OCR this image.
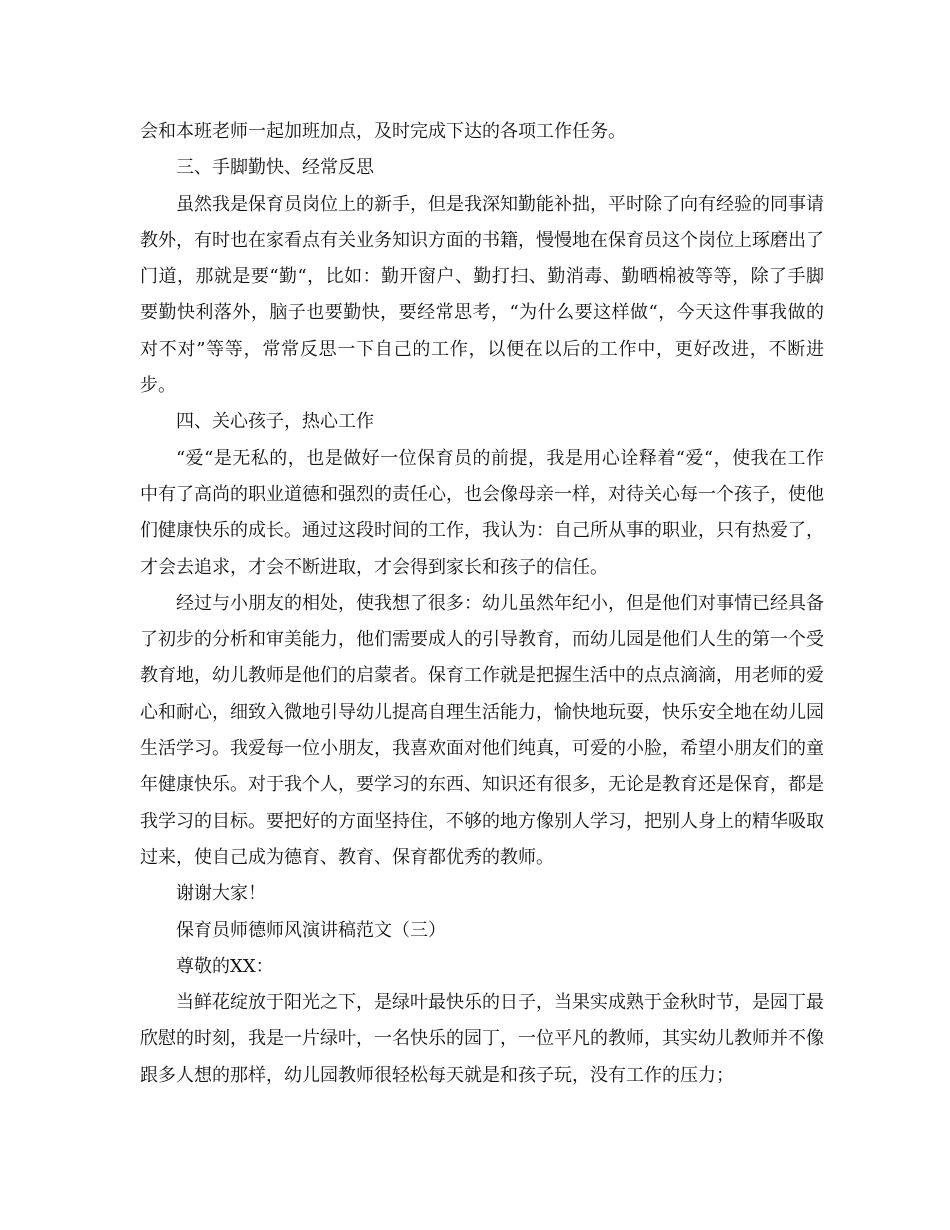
会和本班老师一起加班加点，及时完成下达的各项工作任务。

三、手脚勤快、经常反思

虽然我是保育员岗位上的新手，但是我深知勤能补拙，平时除了向有经验的同事请教外，有时也在家看点有关业务知识方面的书籍，慢慢地在保育员这个岗位上琢磨出了门道，那就是要“勤“，比如：勤开窗户、勤打扫、勤消毒、勤晒棉被等等，除了手脚要勤快利落外，脑子也要勤快，要经常思考，“为什么要这样做“，今天这件事我做的对不对”等等，常常反思一下自己的工作，以便在以后的工作中，更好改进，不断进步。

四、关心孩子，热心工作

“爱“是无私的，也是做好一位保育员的前提，我是用心诠释着“爱“，使我在工作中有了高尚的职业道德和强烈的责任心，也会像母亲一样，对待关心每一个孩子，使他们健康快乐的成长。通过这段时间的工作，我认为：自己所从事的职业，只有热爱了，才会去追求，才会不断进取，才会得到家长和孩子的信任。

经过与小朋友的相处，使我想了很多：幼儿虽然年纪小，但是他们对事情已经具备了初步的分析和审美能力，他们需要成人的引导教育，而幼儿园是他们人生的第一个受教育地，幼儿教师是他们的启蒙者。保育工作就是把握生活中的点点滴滴，用老师的爱心和耐心，细致入微地引导幼儿提高自理生活能力，愉快地玩耍，快乐安全地在幼儿园生活学习。我爱每一位小朋友，我喜欢面对他们纯真，可爱的小脸，希望小朋友们的童年健康快乐。对于我个人，要学习的东西、知识还有很多，无论是教育还是保育，都是我学习的目标。要把好的方面坚持住，不够的地方像别人学习，把别人身上的精华吸取过来，使自己成为德育、教育、保育都优秀的教师。

谢谢大家！

保育员师德师风演讲稿范文（三）

尊敬的XX：

当鲜花绽放于阳光之下，是绿叶最快乐的日子，当果实成熟于金秋时节，是园丁最欣慰的时刻，我是一片绿叶，一名快乐的园丁，一位平凡的教师，其实幼儿教师并不像跟多人想的那样，幼儿园教师很轻松每天就是和孩子玩，没有工作的压力；
